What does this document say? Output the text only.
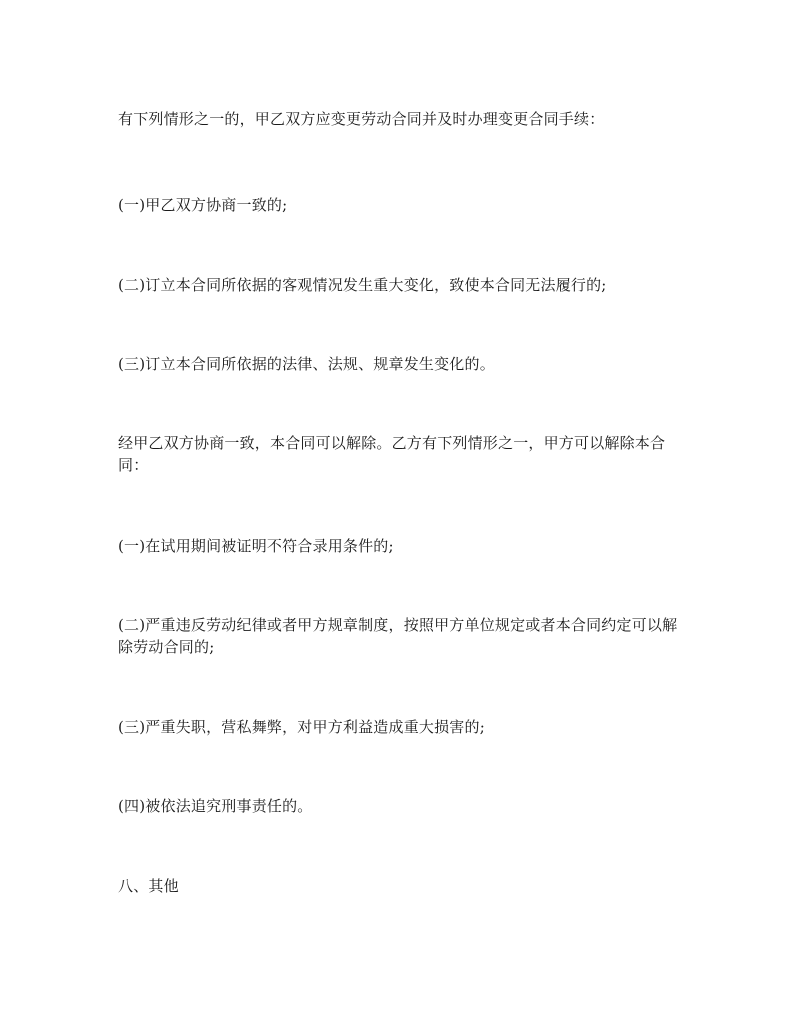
有下列情形之一的，甲乙双方应变更劳动合同并及时办理变更合同手续：

(一)甲乙双方协商一致的;

(二)订立本合同所依据的客观情况发生重大变化，致使本合同无法履行的;

(三)订立本合同所依据的法律、法规、规章发生变化的。

经甲乙双方协商一致，本合同可以解除。乙方有下列情形之一，甲方可以解除本合同：

(一)在试用期间被证明不符合录用条件的;

(二)严重违反劳动纪律或者甲方规章制度，按照甲方单位规定或者本合同约定可以解除劳动合同的;

(三)严重失职，营私舞弊，对甲方利益造成重大损害的;

(四)被依法追究刑事责任的。

八、其他
